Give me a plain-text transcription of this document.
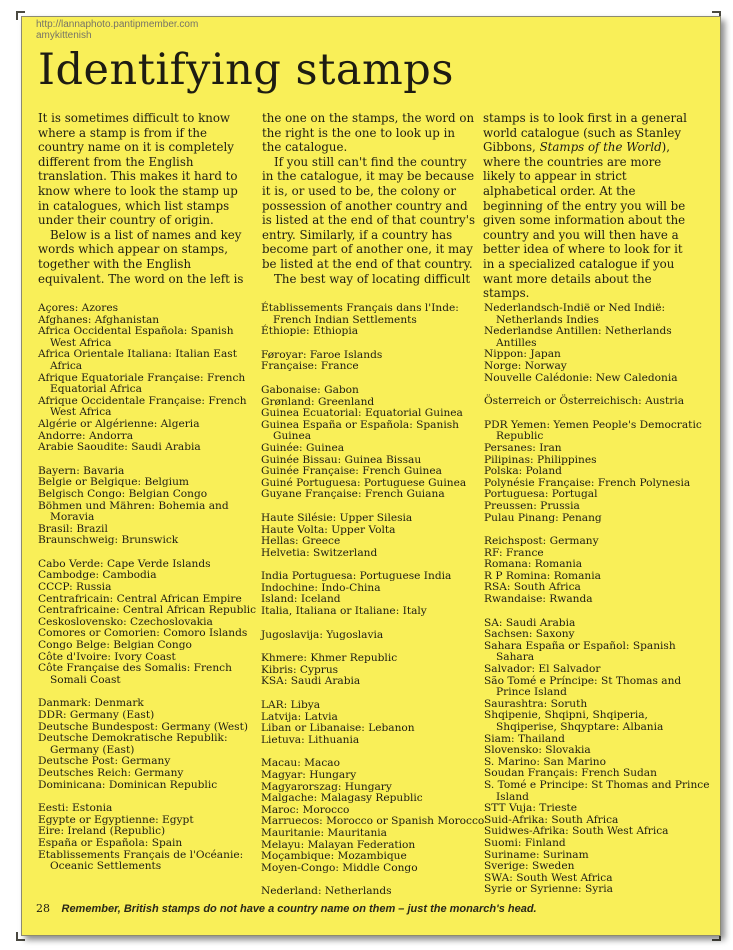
http://lannaphoto.pantipmember.com
amykittenish
Identifying stamps

It is sometimes difficult to know
where a stamp is from if the
country name on it is completely
different from the English
translation. This makes it hard to
know where to look the stamp up
in catalogues, which list stamps
under their country of origin.

Below is a list of names and key
words which appear on stamps,
together with the English
equivalent. The word on the left is

the one on the stamps, the word on
the right is the one to look up in
the catalogue.

If you still can't find the country
in the catalogue, it may be because
it is, or used to be, the colony or
possession of another country and
is listed at the end of that country's
entry. Similarly, if a country has
become part of another one, it may
be listed at the end of that country.

The best way of locating difficult

stamps is to look first in a general
world catalogue (such as Stanley
Gibbons, Stamps of the World),
where the countries are more
likely to appear in strict
alphabetical order. At the
beginning of the entry you will be
given some information about the
country and you will then have a
better idea of where to look for it
in a specialized catalogue if you
want more details about the stamps.

Açores: Azores
Afghanes: Afghanistan
Africa Occidental Española: Spanish West Africa
Africa Orientale Italiana: Italian East Africa
Afrique Equatoriale Française: French Equatorial Africa
Afrique Occidentale Française: French West Africa
Algérie or Algérienne: Algeria
Andorre: Andorra
Arabie Saoudite: Saudi Arabia
Bayern: Bavaria
Belgie or Belgique: Belgium
Belgisch Congo: Belgian Congo
Böhmen und Mähren: Bohemia and Moravia
Brasil: Brazil
Braunschweig: Brunswick
Cabo Verde: Cape Verde Islands
Cambodge: Cambodia
CCCP: Russia
Centrafricain: Central African Empire
Centrafricaine: Central African Republic
Ceskoslovensko: Czechoslovakia
Comores or Comorien: Comoro Islands
Congo Belge: Belgian Congo
Côte d'Ivoire: Ivory Coast
Côte Française des Somalis: French Somali Coast
Danmark: Denmark
DDR: Germany (East)
Deutsche Bundespost: Germany (West)
Deutsche Demokratische Republik: Germany (East)
Deutsche Post: Germany
Deutsches Reich: Germany
Dominicana: Dominican Republic
Eesti: Estonia
Egypte or Egyptienne: Egypt
Eire: Ireland (Republic)
España or Española: Spain
Etablissements Français de l'Océanie: Oceanic Settlements
Établissements Français dans l'Inde: French Indian Settlements
Éthiopie: Ethiopia
Føroyar: Faroe Islands
Française: France
Gabonaise: Gabon
Grønland: Greenland
Guinea Ecuatorial: Equatorial Guinea
Guinea España or Española: Spanish Guinea
Guinée: Guinea
Guinée Bissau: Guinea Bissau
Guinée Française: French Guinea
Guiné Portuguesa: Portuguese Guinea
Guyane Française: French Guiana
Haute Silésie: Upper Silesia
Haute Volta: Upper Volta
Hellas: Greece
Helvetia: Switzerland
India Portuguesa: Portuguese India
Indochine: Indo-China
Island: Iceland
Italia, Italiana or Italiane: Italy
Jugoslavija: Yugoslavia
Khmere: Khmer Republic
Kibris: Cyprus
KSA: Saudi Arabia
LAR: Libya
Latvija: Latvia
Liban or Libanaise: Lebanon
Lietuva: Lithuania
Macau: Macao
Magyar: Hungary
Magyarorszag: Hungary
Malgache: Malagasy Republic
Maroc: Morocco
Marruecos: Morocco or Spanish Morocco
Mauritanie: Mauritania
Melayu: Malayan Federation
Moçambique: Mozambique
Moyen-Congo: Middle Congo
Nederland: Netherlands
Nederlandsch-Indië or Ned Indië: Netherlands Indies
Nederlandse Antillen: Netherlands Antilles
Nippon: Japan
Norge: Norway
Nouvelle Calédonie: New Caledonia
Österreich or Österreichisch: Austria
PDR Yemen: Yemen People's Democratic Republic
Persanes: Iran
Pilipinas: Philippines
Polska: Poland
Polynésie Française: French Polynesia
Portuguesa: Portugal
Preussen: Prussia
Pulau Pinang: Penang
Reichspost: Germany
RF: France
Romana: Romania
R P Romina: Romania
RSA: South Africa
Rwandaise: Rwanda
SA: Saudi Arabia
Sachsen: Saxony
Sahara España or Español: Spanish Sahara
Salvador: El Salvador
São Tomé e Príncipe: St Thomas and Prince Island
Saurashtra: Soruth
Shqipenie, Shqipni, Shqiperia, Shqiperise, Shqyptare: Albania
Siam: Thailand
Slovensko: Slovakia
S. Marino: San Marino
Soudan Français: French Sudan
S. Tomé e Principe: St Thomas and Prince Island
STT Vuja: Trieste
Suid-Afrika: South Africa
Suidwes-Afrika: South West Africa
Suomi: Finland
Suriname: Surinam
Sverige: Sweden
SWA: South West Africa
Syrie or Syrienne: Syria
28 Remember, British stamps do not have a country name on them – just the monarch's head.
